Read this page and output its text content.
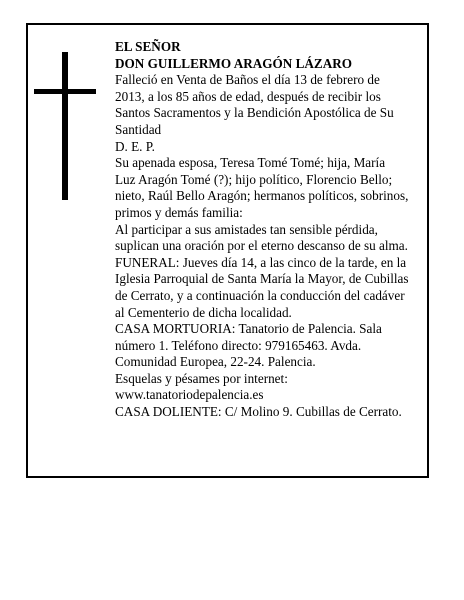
EL SEÑOR
DON GUILLERMO ARAGÓN LÁZARO
Falleció en Venta de Baños el día 13 de febrero de
2013, a los 85 años de edad, después de recibir los
Santos Sacramentos y la Bendición Apostólica de Su
Santidad
D. E. P.
Su apenada esposa, Teresa Tomé Tomé; hija, María
Luz Aragón Tomé (?); hijo político, Florencio Bello;
nieto, Raúl Bello Aragón; hermanos políticos, sobrinos,
primos y demás familia:
Al participar a sus amistades tan sensible pérdida,
suplican una oración por el eterno descanso de su alma.
FUNERAL: Jueves día 14, a las cinco de la tarde, en la
Iglesia Parroquial de Santa María la Mayor, de Cubillas
de Cerrato, y a continuación la conducción del cadáver
al Cementerio de dicha localidad.
CASA MORTUORIA: Tanatorio de Palencia. Sala
número 1. Teléfono directo: 979165463. Avda.
Comunidad Europea, 22-24. Palencia.
Esquelas y pésames por internet:
www.tanatoriodepalencia.es
CASA DOLIENTE: C/ Molino 9. Cubillas de Cerrato.
